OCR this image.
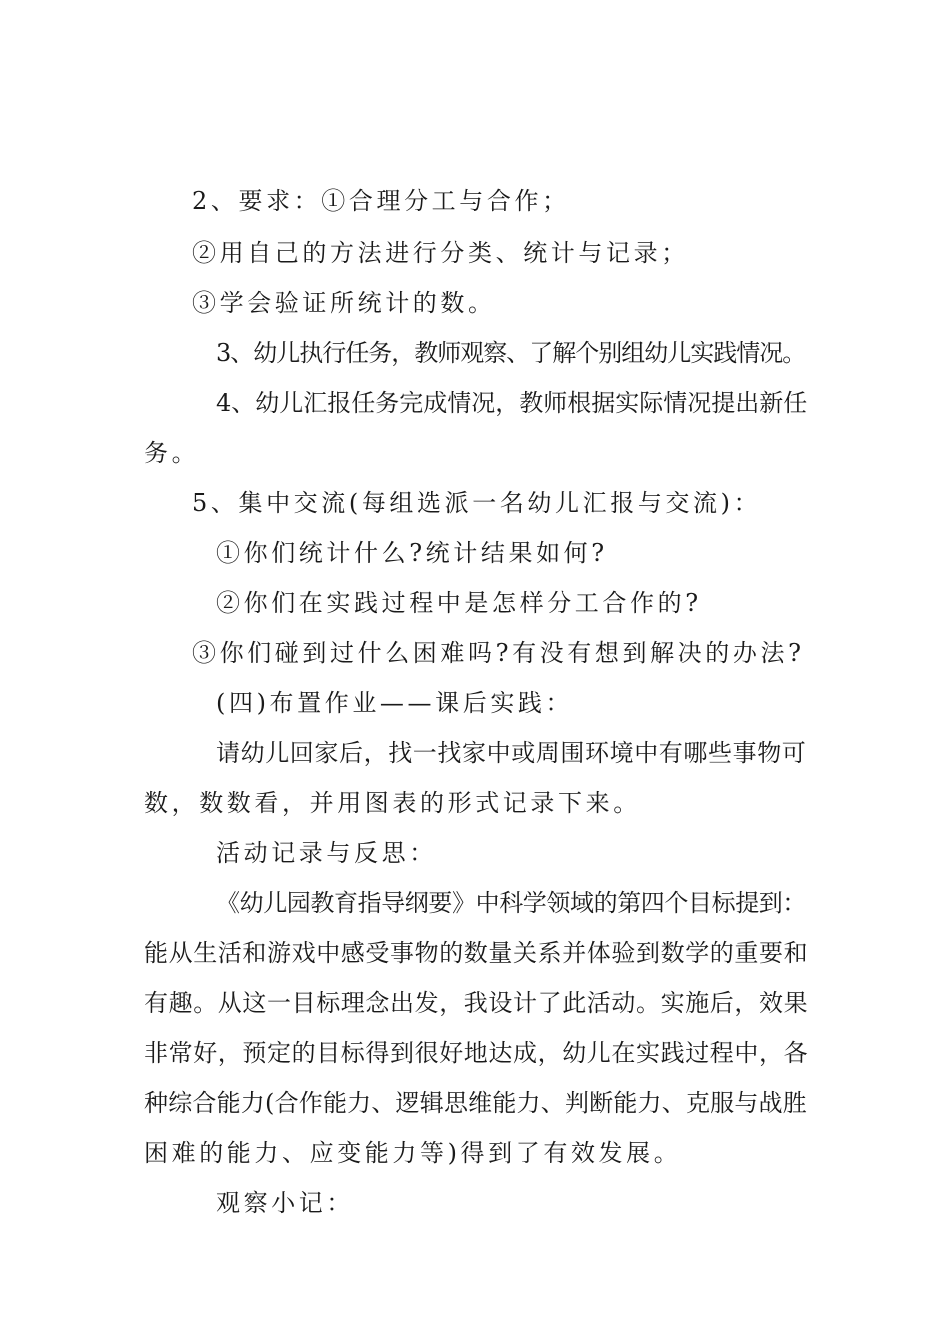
2、要求：①合理分工与合作；
②用自己的方法进行分类、统计与记录；
③学会验证所统计的数。
3、幼儿执行任务，教师观察、了解个别组幼儿实践情况。
4、幼儿汇报任务完成情况，教师根据实际情况提出新任
务。
5、集中交流(每组选派一名幼儿汇报与交流)：
①你们统计什么?统计结果如何?
②你们在实践过程中是怎样分工合作的?
③你们碰到过什么困难吗?有没有想到解决的办法?
(四)布置作业——课后实践：
请幼儿回家后，找一找家中或周围环境中有哪些事物可
数，数数看，并用图表的形式记录下来。
活动记录与反思：
《幼儿园教育指导纲要》中科学领域的第四个目标提到：
能从生活和游戏中感受事物的数量关系并体验到数学的重要和
有趣。从这一目标理念出发，我设计了此活动。实施后，效果
非常好，预定的目标得到很好地达成，幼儿在实践过程中，各
种综合能力(合作能力、逻辑思维能力、判断能力、克服与战胜
困难的能力、应变能力等)得到了有效发展。
观察小记：
